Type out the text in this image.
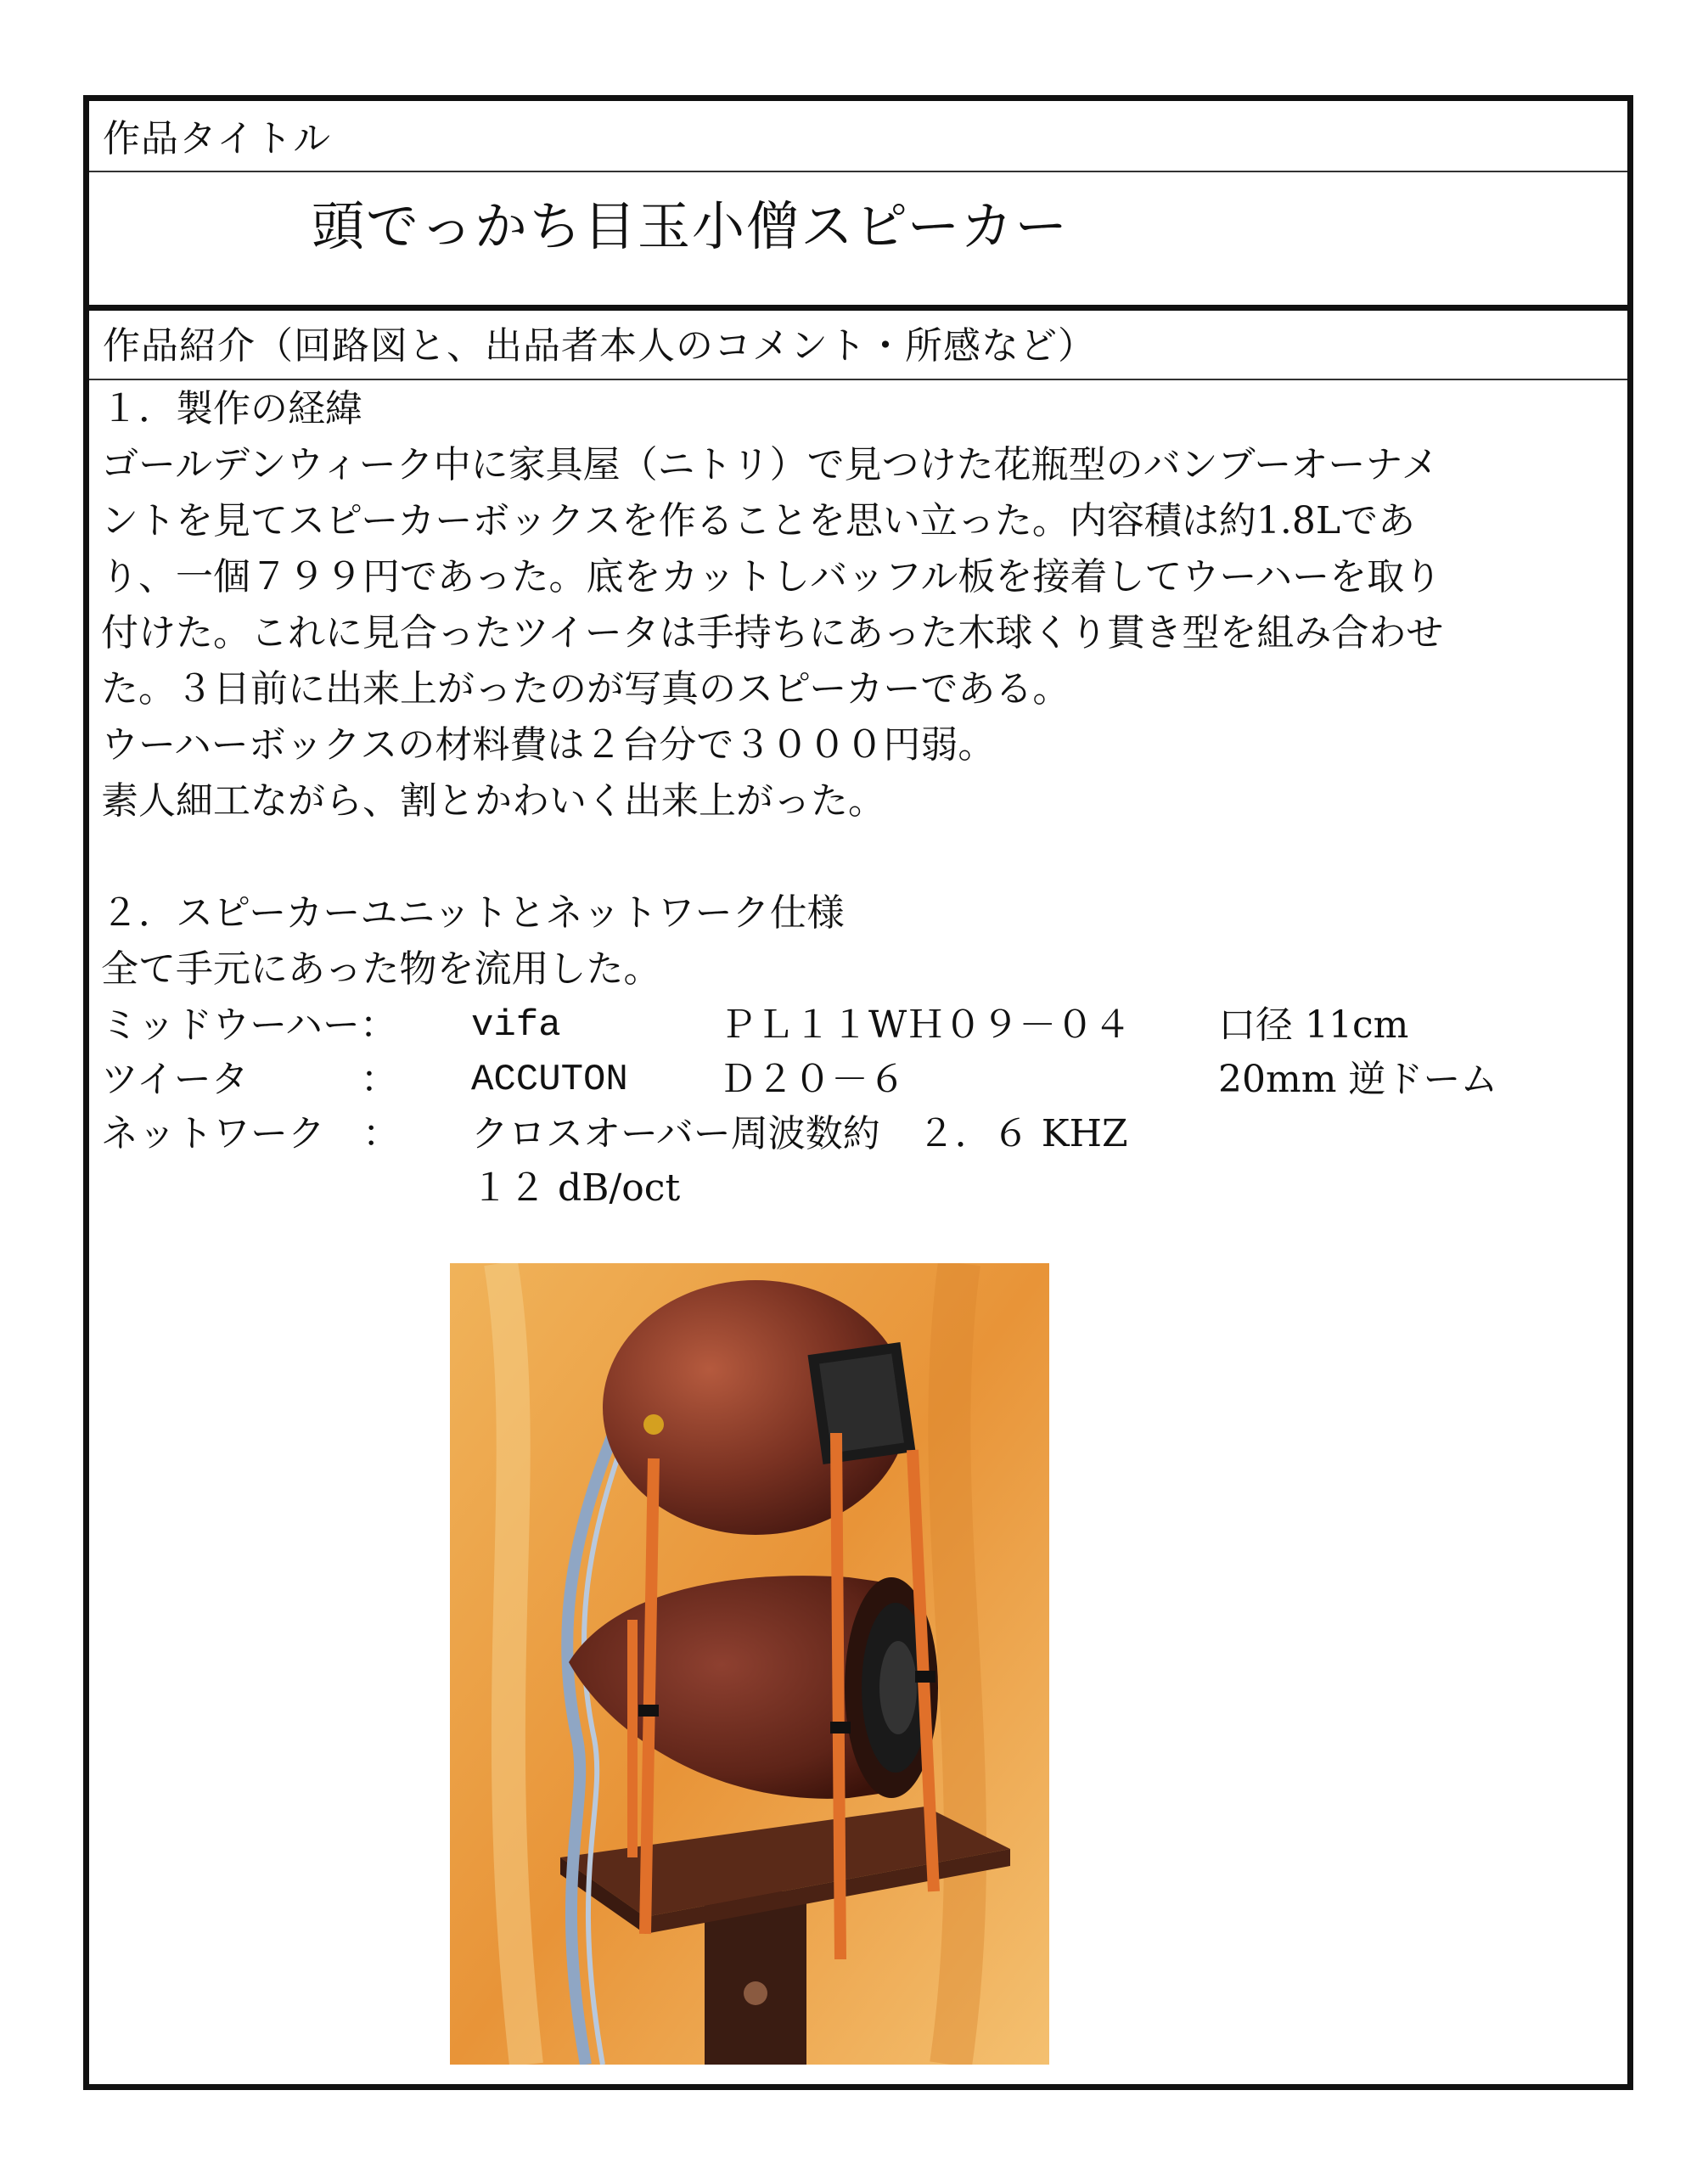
作品タイトル
頭でっかち目玉小僧スピーカー
作品紹介（回路図と、出品者本人のコメント・所感など）

１．製作の経緯

ゴールデンウィーク中に家具屋（ニトリ）で見つけた花瓶型のバンブーオーナメ

ントを見てスピーカーボックスを作ることを思い立った。内容積は約1.8Lであ

り、一個７９９円であった。底をカットしバッフル板を接着してウーハーを取り

付けた。これに見合ったツイータは手持ちにあった木球くり貫き型を組み合わせ

た。３日前に出来上がったのが写真のスピーカーである。

ウーハーボックスの材料費は２台分で３０００円弱。

素人細工ながら、割とかわいく出来上がった。

２．スピーカーユニットとネットワーク仕様

全て手元にあった物を流用した。

ミッドウーハー： vifa	ＰＬ１１WＨ０９－０４ 口径 11cm
ツイータ　　　： ACCUTON Ｄ２０－６	20mm 逆ドーム
ネットワーク　： クロスオーバー周波数約　２．６ KHZ
１２ dB/oct
